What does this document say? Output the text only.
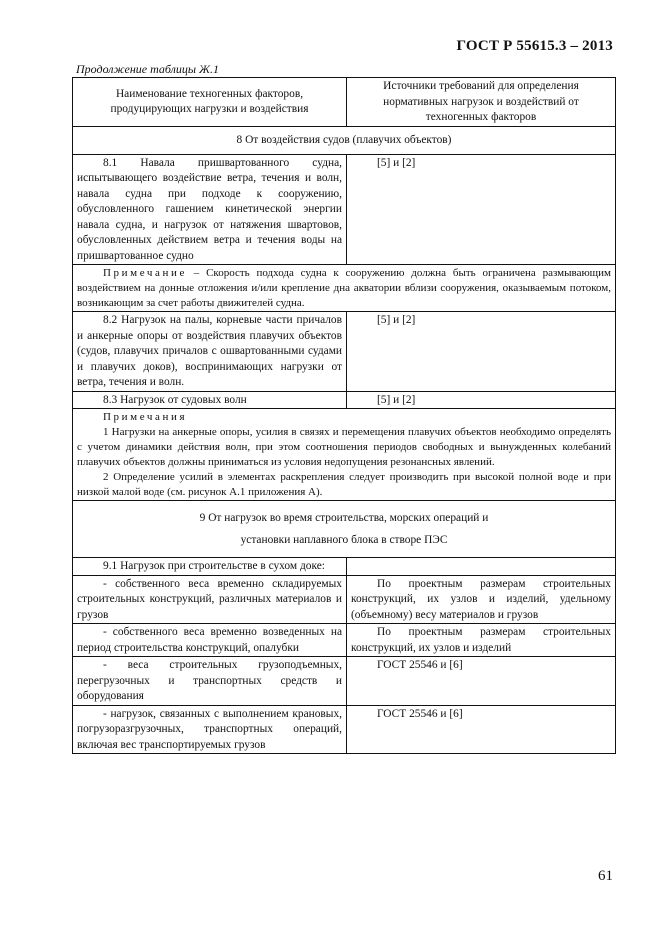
ГОСТ Р 55615.3 – 2013
Продолжение таблицы Ж.1
Наименование техногенных факторов, продуцирующих нагрузки и воздействия	Источники требований для определения нормативных нагрузок и воздействий от техногенных факторов
8 От воздействия судов (плавучих объектов)	
8.1 Навала пришвартованного судна, испытывающего воздействие ветра, течения и волн, навала судна при подходе к сооружению, обусловленного гашением кинетической энергии навала судна, и нагрузок от натяжения швартовов, обусловленных действием ветра и течения воды на пришвартованное судно	[5] и [2]
Примечание – Скорость подхода судна к сооружению должна быть ограничена размывающим воздействием на донные отложения и/или крепление дна акватории вблизи сооружения, оказываемым потоком, возникающим за счет работы движителей судна.	
8.2 Нагрузок на палы, корневые части причалов и анкерные опоры от воздействия плавучих объектов (судов, плавучих причалов с ошвартованными судами и плавучих доков), воспринимающих нагрузки от ветра, течения и волн.	[5] и [2]
8.3 Нагрузок от судовых волн	[5] и [2]

Примечания

1 Нагрузки на анкерные опоры, усилия в связях и перемещения плавучих объектов необходимо определять с учетом динамики действия волн, при этом соотношения периодов свободных и вынужденных колебаний плавучих объектов должны приниматься из условия недопущения резонансных явлений.

2 Определение усилий в элементах раскрепления следует производить при высокой полной воде и при низкой малой воде (см. рисунок А.1 приложения А).	

9 От нагрузок во время строительства, морских операций и
установки наплавного блока в створе ПЭС	

9.1 Нагрузок при строительстве в сухом доке:	
- собственного веса временно складируемых строительных конструкций, различных материалов и грузов	По проектным размерам строительных конструкций, их узлов и изделий, удельному (объемному) весу материалов и грузов
- собственного веса временно возведенных на период строительства конструкций, опалубки	По проектным размерам строительных конструкций, их узлов и изделий
- веса строительных грузоподъемных, перегрузочных и транспортных средств и оборудования	ГОСТ 25546 и [6]
- нагрузок, связанных с выполнением крановых, погрузоразгрузочных, транспортных операций, включая вес транспортируемых грузов	ГОСТ 25546 и [6]
61
